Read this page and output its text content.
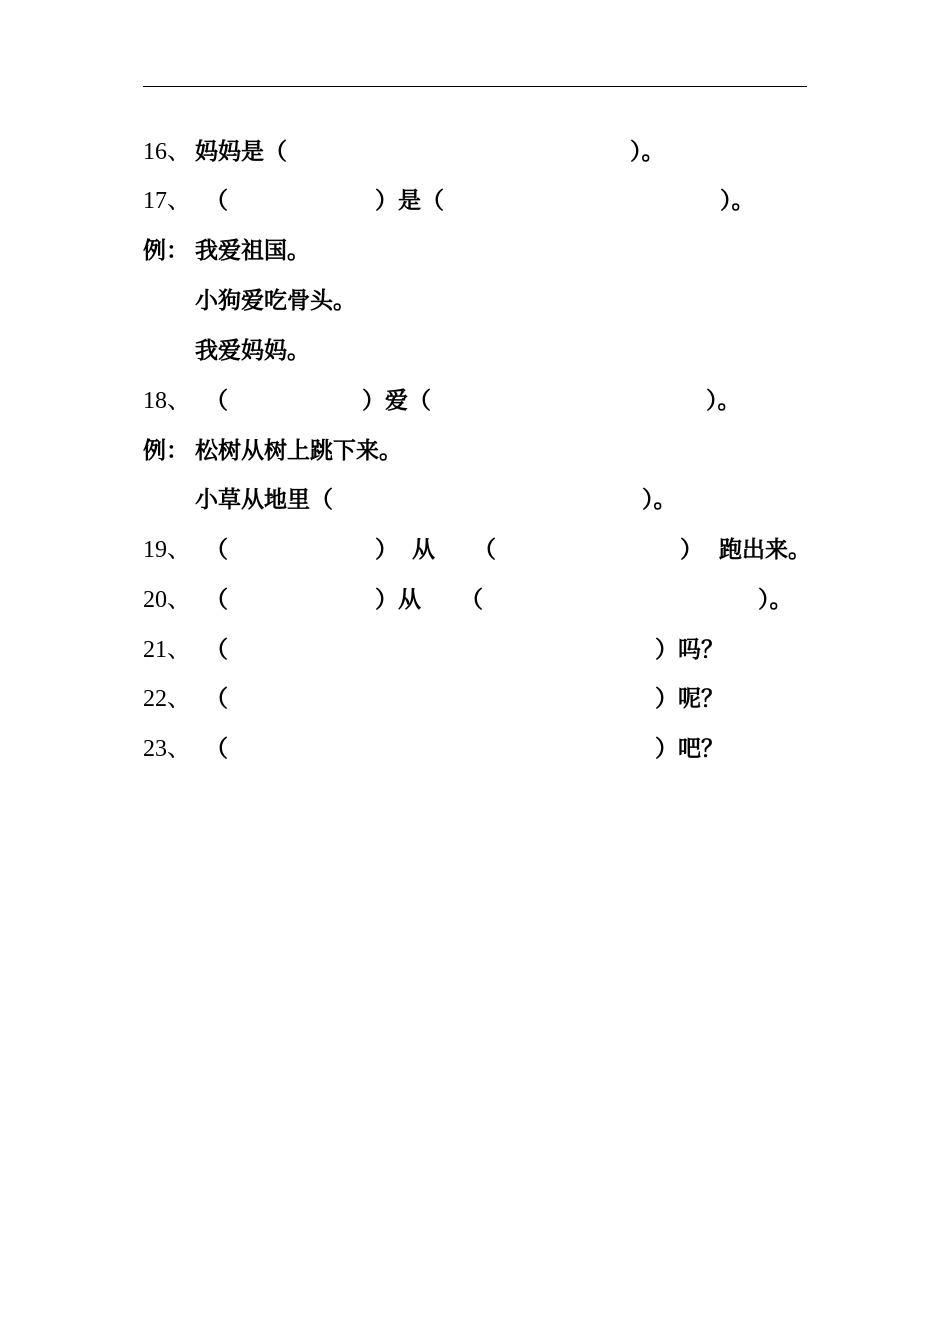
16、 妈妈是（	）。
17、 （	）是（	）。
例： 我爱祖国。
小狗爱吃骨头。
我爱妈妈。
18、 （	）爱（	）。
例： 松树从树上跳下来。
小草从地里（	）。
19、 （	） 从 （	） 跑出来。
20、 （	）从 （	）。
21、 （	）吗？
22、 （	）呢？
23、 （	）吧？
